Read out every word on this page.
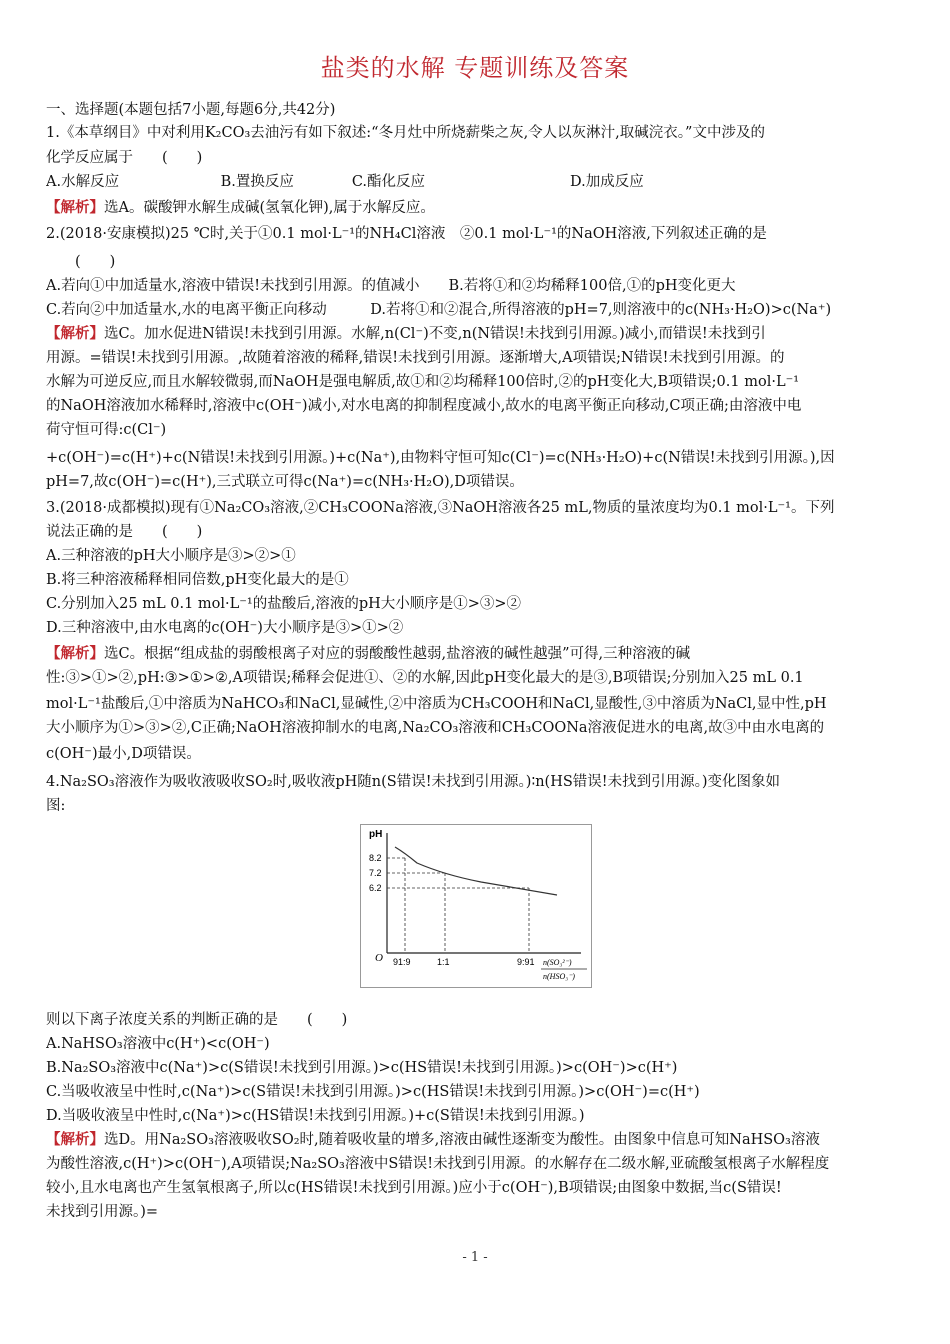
盐类的水解 专题训练及答案
一、选择题(本题包括7小题,每题6分,共42分)
1.《本草纲目》中对利用K₂CO₃去油污有如下叙述:“冬月灶中所烧薪柴之灰,令人以灰淋汁,取碱浣衣。”文中涉及的
化学反应属于　　(　　)
A.水解反应　　　　　　　B.置换反应　　　　C.酯化反应　　　　　　　　　　D.加成反应
【解析】选A。碳酸钾水解生成碱(氢氧化钾),属于水解反应。
2.(2018·安康模拟)25 ℃时,关于①0.1 mol·L⁻¹的NH₄Cl溶液　②0.1 mol·L⁻¹的NaOH溶液,下列叙述正确的是
　　(　　)
A.若向①中加适量水,溶液中错误!未找到引用源。的值减小　　B.若将①和②均稀释100倍,①的pH变化更大
C.若向②中加适量水,水的电离平衡正向移动　　　D.若将①和②混合,所得溶液的pH=7,则溶液中的c(NH₃·H₂O)>c(Na⁺)
【解析】选C。加水促进N错误!未找到引用源。水解,n(Cl⁻)不变,n(N错误!未找到引用源。)减小,而错误!未找到引
用源。=错误!未找到引用源。,故随着溶液的稀释,错误!未找到引用源。逐渐增大,A项错误;N错误!未找到引用源。的
水解为可逆反应,而且水解较微弱,而NaOH是强电解质,故①和②均稀释100倍时,②的pH变化大,B项错误;0.1 mol·L⁻¹
的NaOH溶液加水稀释时,溶液中c(OH⁻)减小,对水电离的抑制程度减小,故水的电离平衡正向移动,C项正确;由溶液中电
荷守恒可得:c(Cl⁻)
+c(OH⁻)=c(H⁺)+c(N错误!未找到引用源。)+c(Na⁺),由物料守恒可知c(Cl⁻)=c(NH₃·H₂O)+c(N错误!未找到引用源。),因
pH=7,故c(OH⁻)=c(H⁺),三式联立可得c(Na⁺)=c(NH₃·H₂O),D项错误。
3.(2018·成都模拟)现有①Na₂CO₃溶液,②CH₃COONa溶液,③NaOH溶液各25 mL,物质的量浓度均为0.1 mol·L⁻¹。下列
说法正确的是　　(　　)
A.三种溶液的pH大小顺序是③>②>①
B.将三种溶液稀释相同倍数,pH变化最大的是①
C.分别加入25 mL 0.1 mol·L⁻¹的盐酸后,溶液的pH大小顺序是①>③>②
D.三种溶液中,由水电离的c(OH⁻)大小顺序是③>①>②
【解析】选C。根据“组成盐的弱酸根离子对应的弱酸酸性越弱,盐溶液的碱性越强”可得,三种溶液的碱
性:③>①>②,pH:③>①>②,A项错误;稀释会促进①、②的水解,因此pH变化最大的是③,B项错误;分别加入25 mL 0.1
mol·L⁻¹盐酸后,①中溶质为NaHCO₃和NaCl,显碱性,②中溶质为CH₃COOH和NaCl,显酸性,③中溶质为NaCl,显中性,pH
大小顺序为①>③>②,C正确;NaOH溶液抑制水的电离,Na₂CO₃溶液和CH₃COONa溶液促进水的电离,故③中由水电离的
c(OH⁻)最小,D项错误。
4.Na₂SO₃溶液作为吸收液吸收SO₂时,吸收液pH随n(S错误!未找到引用源。)∶n(HS错误!未找到引用源。)变化图象如
图:
则以下离子浓度关系的判断正确的是　　(　　)
A.NaHSO₃溶液中c(H⁺)<c(OH⁻)
B.Na₂SO₃溶液中c(Na⁺)>c(S错误!未找到引用源。)>c(HS错误!未找到引用源。)>c(OH⁻)>c(H⁺)
C.当吸收液呈中性时,c(Na⁺)>c(S错误!未找到引用源。)>c(HS错误!未找到引用源。)>c(OH⁻)=c(H⁺)
D.当吸收液呈中性时,c(Na⁺)>c(HS错误!未找到引用源。)+c(S错误!未找到引用源。)
【解析】选D。用Na₂SO₃溶液吸收SO₂时,随着吸收量的增多,溶液由碱性逐渐变为酸性。由图象中信息可知NaHSO₃溶液
为酸性溶液,c(H⁺)>c(OH⁻),A项错误;Na₂SO₃溶液中S错误!未找到引用源。的水解存在二级水解,亚硫酸氢根离子水解程度
较小,且水电离也产生氢氧根离子,所以c(HS错误!未找到引用源。)应小于c(OH⁻),B项错误;由图象中数据,当c(S错误!
未找到引用源。)=
pH
O
8.2
7.2
6.2
91:9	1:1	9:91 n(SO₃²⁻)
n(HSO₃⁻)
- 1 -
